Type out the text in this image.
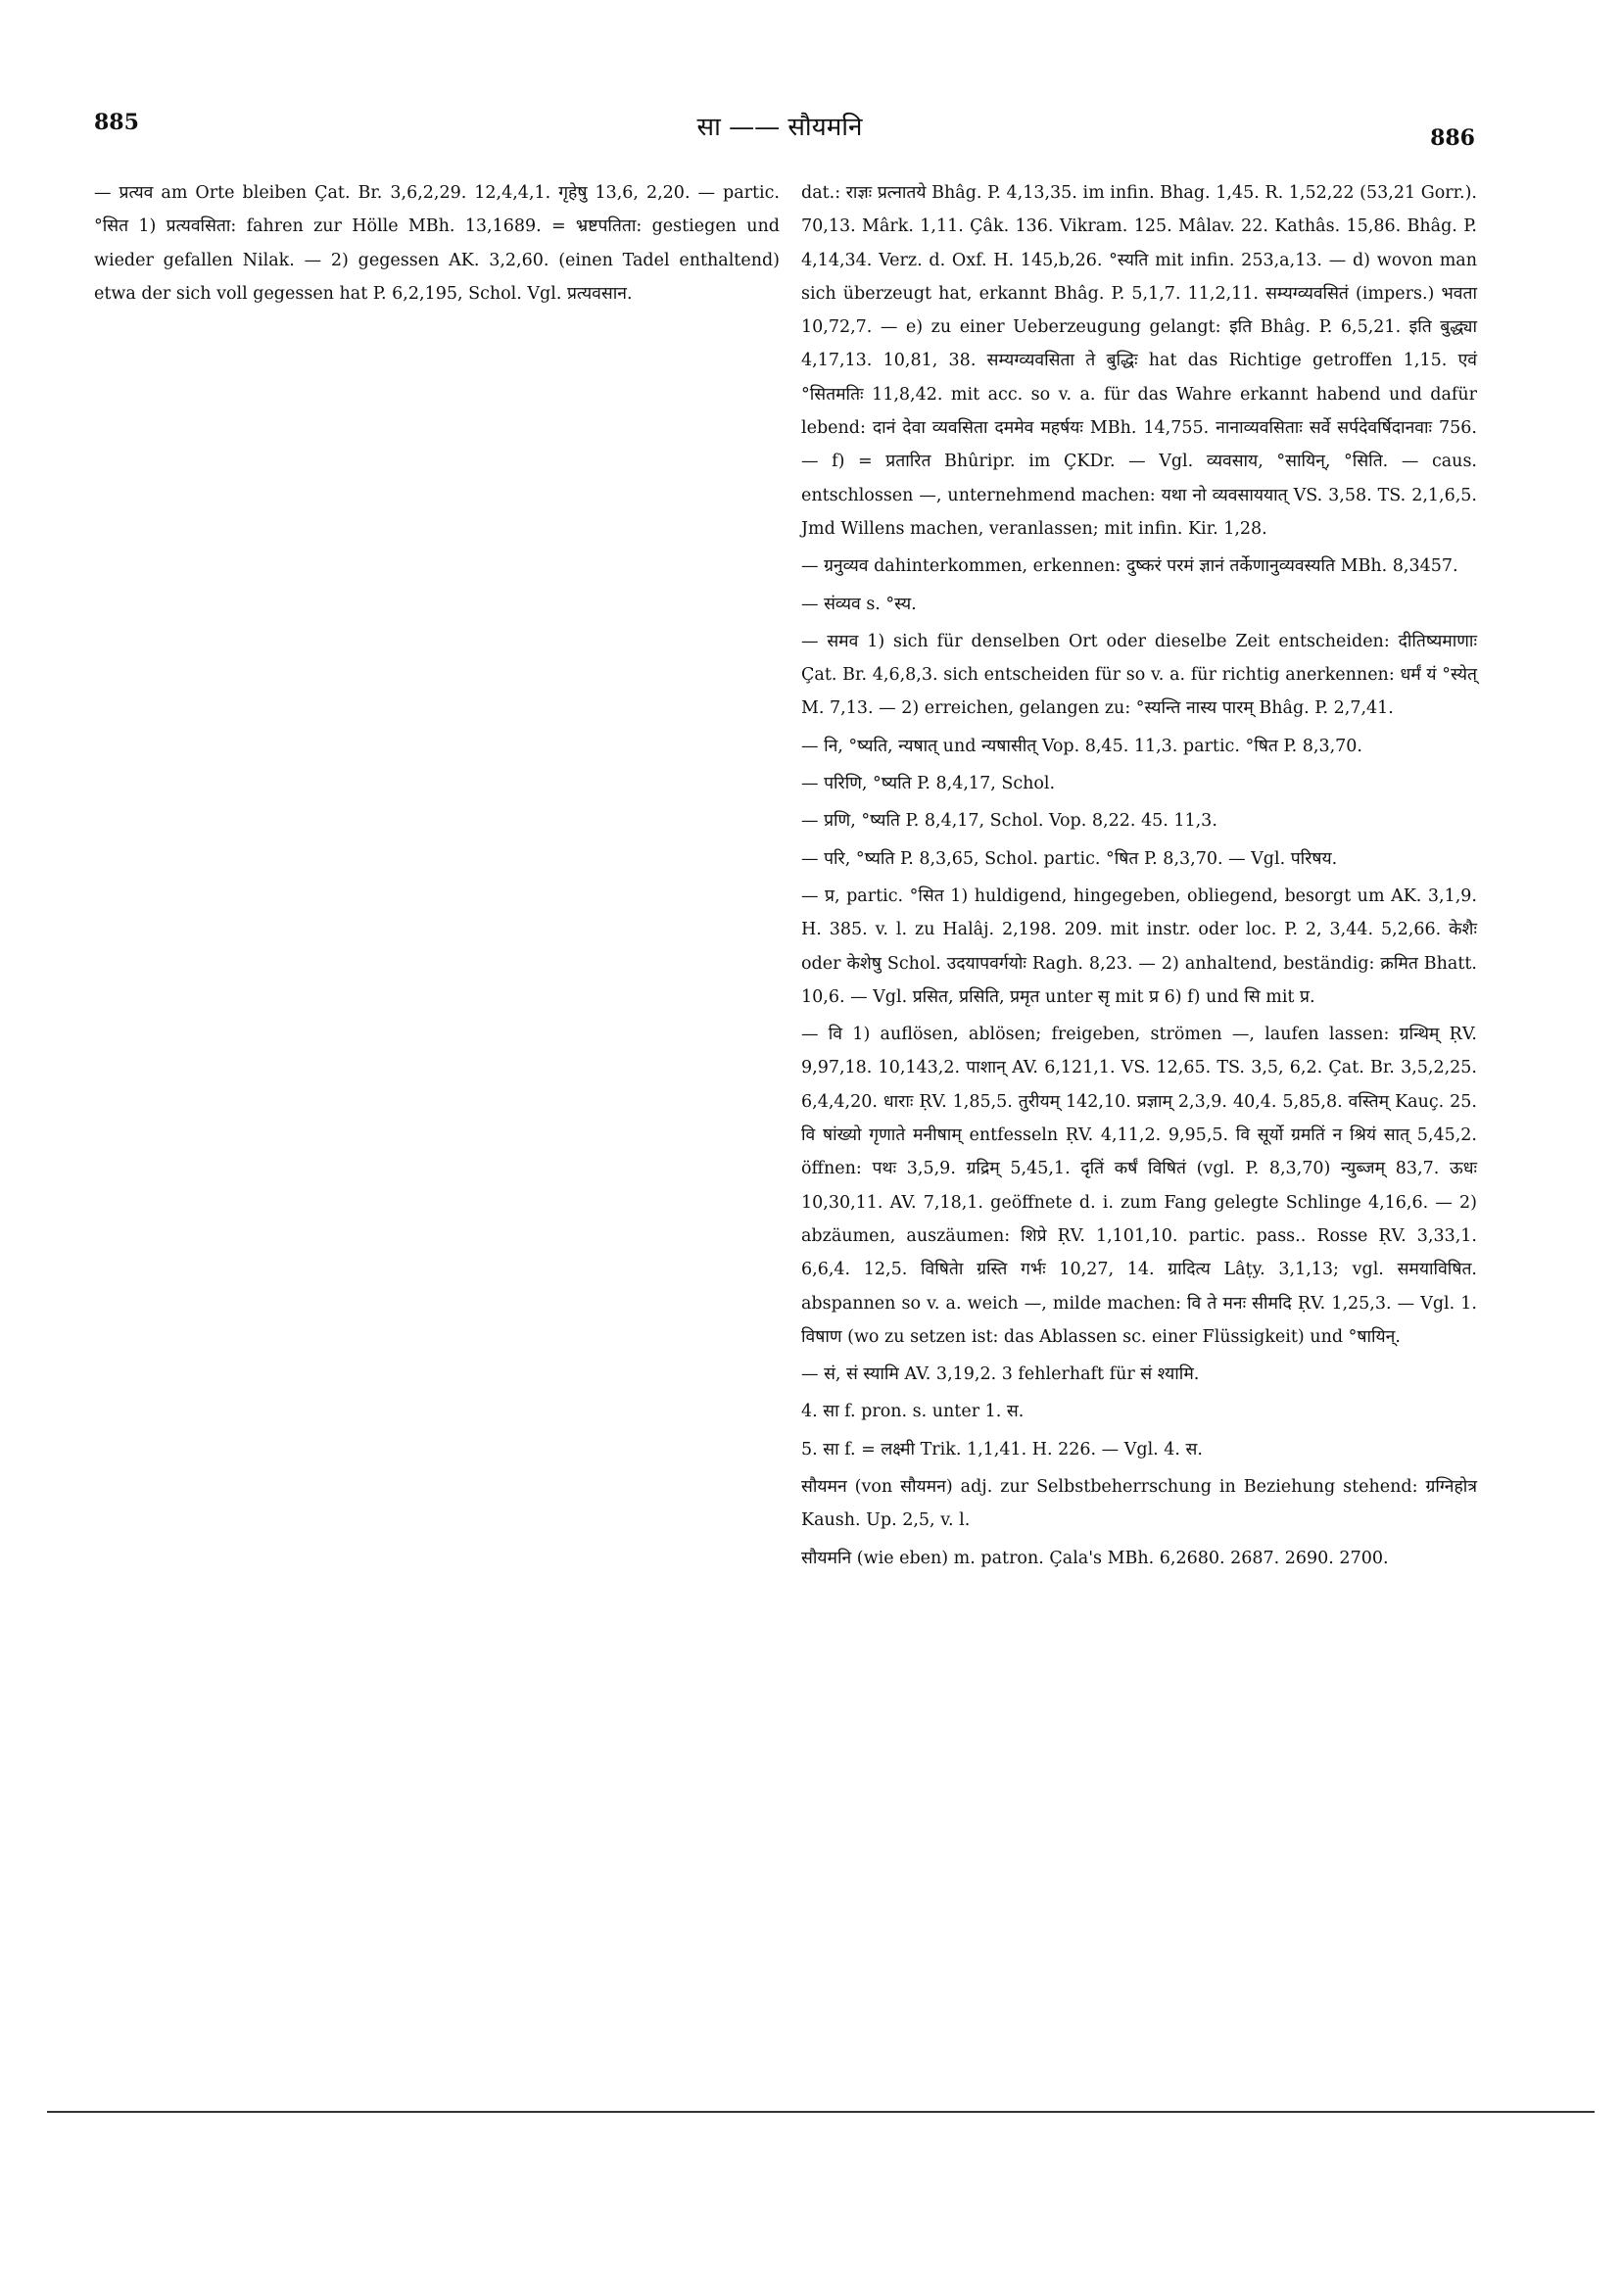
885	सा —— सौयमनि	886

— प्रत्यव am Orte bleiben Çat. Br. 3,6,2,29. 12,4,4,1. गृहेषु 13,6, 2,20. — partic. °सित 1) प्रत्यवसिता: fahren zur Hölle MBh. 13,1689. = भ्रष्टपतिता: gestiegen und wieder gefallen Nilak. — 2) gegessen AK. 3,2,60. (einen Tadel enthaltend) etwa der sich voll gegessen hat P. 6,2,195, Schol. Vgl. प्रत्यवसान.

dat.: राज्ञः प्रत्नातये Bhâg. P. 4,13,35. im infin. Bhag. 1,45. R. 1,52,22 (53,21 Gorr.). 70,13. Mârk. 1,11. Çâk. 136. Vikram. 125. Mâlav. 22. Kathâs. 15,86. Bhâg. P. 4,14,34. Verz. d. Oxf. H. 145,b,26. °स्यति mit infin. 253,a,13. — d) wovon man sich überzeugt hat, erkannt Bhâg. P. 5,1,7. 11,2,11. सम्यग्व्यवसितं (impers.) भवता 10,72,7. — e) zu einer Ueberzeugung gelangt: इति Bhâg. P. 6,5,21. इति बुद्ध्या 4,17,13. 10,81, 38. सम्यग्व्यवसिता ते बुद्धिः hat das Richtige getroffen 1,15. एवं °सितमतिः 11,8,42. mit acc. so v. a. für das Wahre erkannt habend und dafür lebend: दानं देवा व्यवसिता दममेव महर्षयः MBh. 14,755. नानाव्यवसिताः सर्वे सर्पदेवर्षिदानवाः 756. — f) = प्रतारित Bhûripr. im ÇKDr. — Vgl. व्यवसाय, °सायिन्, °सिति. — caus. entschlossen —, unternehmend machen: यथा नो व्यवसाययात् VS. 3,58. TS. 2,1,6,5. Jmd Willens machen, veranlassen; mit infin. Kir. 1,28.

— ग्रनुव्यव dahinterkommen, erkennen: दुष्करं परमं ज्ञानं तर्केणानुव्यवस्यति MBh. 8,3457.

— संव्यव s. °स्य.

— समव 1) sich für denselben Ort oder dieselbe Zeit entscheiden: दीतिष्यमाणाः Çat. Br. 4,6,8,3. sich entscheiden für so v. a. für richtig anerkennen: धर्मं यं °स्येत् M. 7,13. — 2) erreichen, gelangen zu: °स्यन्ति नास्य पारम् Bhâg. P. 2,7,41.

— नि, °ष्यति, न्यषात् und न्यषासीत् Vop. 8,45. 11,3. partic. °षित P. 8,3,70.

— परिणि, °ष्यति P. 8,4,17, Schol.

— प्रणि, °ष्यति P. 8,4,17, Schol. Vop. 8,22. 45. 11,3.

— परि, °ष्यति P. 8,3,65, Schol. partic. °षित P. 8,3,70. — Vgl. परिषय.

— प्र, partic. °सित 1) huldigend, hingegeben, obliegend, besorgt um AK. 3,1,9. H. 385. v. l. zu Halâj. 2,198. 209. mit instr. oder loc. P. 2, 3,44. 5,2,66. केशैः oder केशेषु Schol. उदयापवर्गयोः Ragh. 8,23. — 2) anhaltend, beständig: क्रमित Bhatt. 10,6. — Vgl. प्रसित, प्रसिति, प्रमृत unter सृ mit प्र 6) f) und सि mit प्र.

— वि 1) auflösen, ablösen; freigeben, strömen —, laufen lassen: ग्रन्थिम् ṚV. 9,97,18. 10,143,2. पाशान् AV. 6,121,1. VS. 12,65. TS. 3,5, 6,2. Çat. Br. 3,5,2,25. 6,4,4,20. धाराः ṚV. 1,85,5. तुरीयम् 142,10. प्रज्ञाम् 2,3,9. 40,4. 5,85,8. वस्तिम् Kauç. 25. वि षांख्यो गृणाते मनीषाम् entfesseln ṚV. 4,11,2. 9,95,5. वि सूर्यो ग्रमतिं न श्रियं सात् 5,45,2. öffnen: पथः 3,5,9. ग्रद्रिम् 5,45,1. दृतिं कर्षं विषितं (vgl. P. 8,3,70) न्युब्जम् 83,7. ऊधः 10,30,11. AV. 7,18,1. geöffnete d. i. zum Fang gelegte Schlinge 4,16,6. — 2) abzäumen, auszäumen: शिप्रे ṚV. 1,101,10. partic. pass.. Rosse ṚV. 3,33,1. 6,6,4. 12,5. विषितेा ग्रस्ति गर्भः 10,27, 14. ग्रादित्य Lâṭy. 3,1,13; vgl. समयाविषित. abspannen so v. a. weich —, milde machen: वि ते मनः सीमदि ṚV. 1,25,3. — Vgl. 1. विषाण (wo zu setzen ist: das Ablassen sc. einer Flüssigkeit) und °षायिन्.

— सं, सं स्यामि AV. 3,19,2. 3 fehlerhaft für सं श्यामि.

4. सा f. pron. s. unter 1. स.

5. सा f. = लक्ष्मी Trik. 1,1,41. H. 226. — Vgl. 4. स.

सौयमन (von सौयमन) adj. zur Selbstbeherrschung in Beziehung stehend: ग्रग्निहोत्र Kaush. Up. 2,5, v. l.

सौयमनि (wie eben) m. patron. Çala's MBh. 6,2680. 2687. 2690. 2700.
